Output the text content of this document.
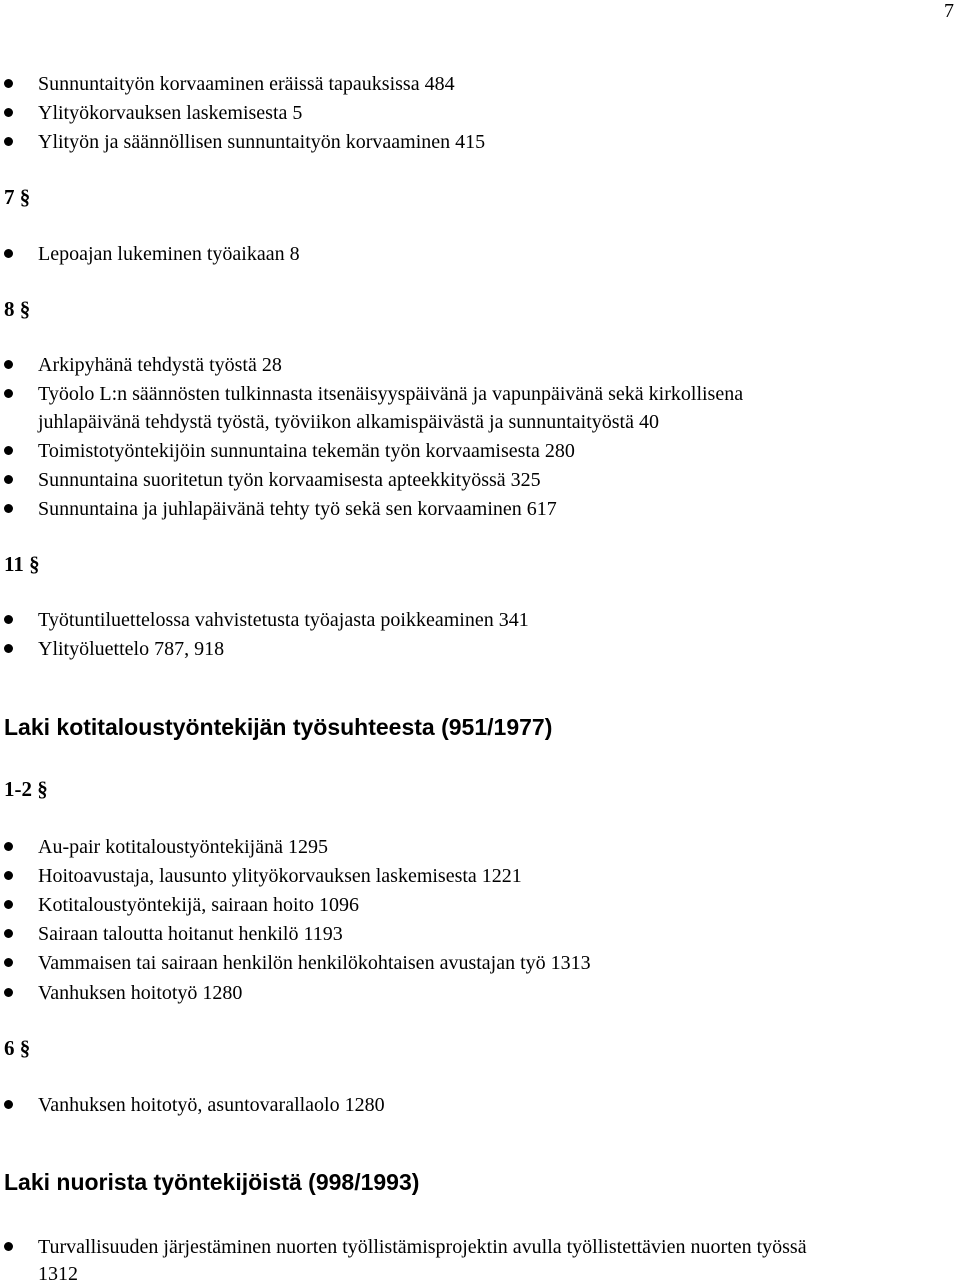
7
Sunnuntaityön korvaaminen eräissä tapauksissa 484
Ylityökorvauksen laskemisesta 5
Ylityön ja säännöllisen sunnuntaityön korvaaminen 415
7 §
Lepoajan lukeminen työaikaan 8
8 §
Arkipyhänä tehdystä työstä 28
Työolo L:n säännösten tulkinnasta itsenäisyyspäivänä ja vapunpäivänä sekä kirkollisena
juhlapäivänä tehdystä työstä, työviikon alkamispäivästä ja sunnuntaityöstä 40
Toimistotyöntekijöin sunnuntaina tekemän työn korvaamisesta 280
Sunnuntaina suoritetun työn korvaamisesta apteekkityössä 325
Sunnuntaina ja juhlapäivänä tehty työ sekä sen korvaaminen 617
11 §
Työtuntiluettelossa vahvistetusta työajasta poikkeaminen 341
Ylityöluettelo 787, 918
Laki kotitaloustyöntekijän työsuhteesta (951/1977)
1-2 §
Au-pair kotitaloustyöntekijänä 1295
Hoitoavustaja, lausunto ylityökorvauksen laskemisesta 1221
Kotitaloustyöntekijä, sairaan hoito 1096
Sairaan taloutta hoitanut henkilö 1193
Vammaisen tai sairaan henkilön henkilökohtaisen avustajan työ 1313
Vanhuksen hoitotyö 1280
6 §
Vanhuksen hoitotyö, asuntovarallaolo 1280
Laki nuorista työntekijöistä (998/1993)
Turvallisuuden järjestäminen nuorten työllistämisprojektin avulla työllistettävien nuorten työssä
1312
